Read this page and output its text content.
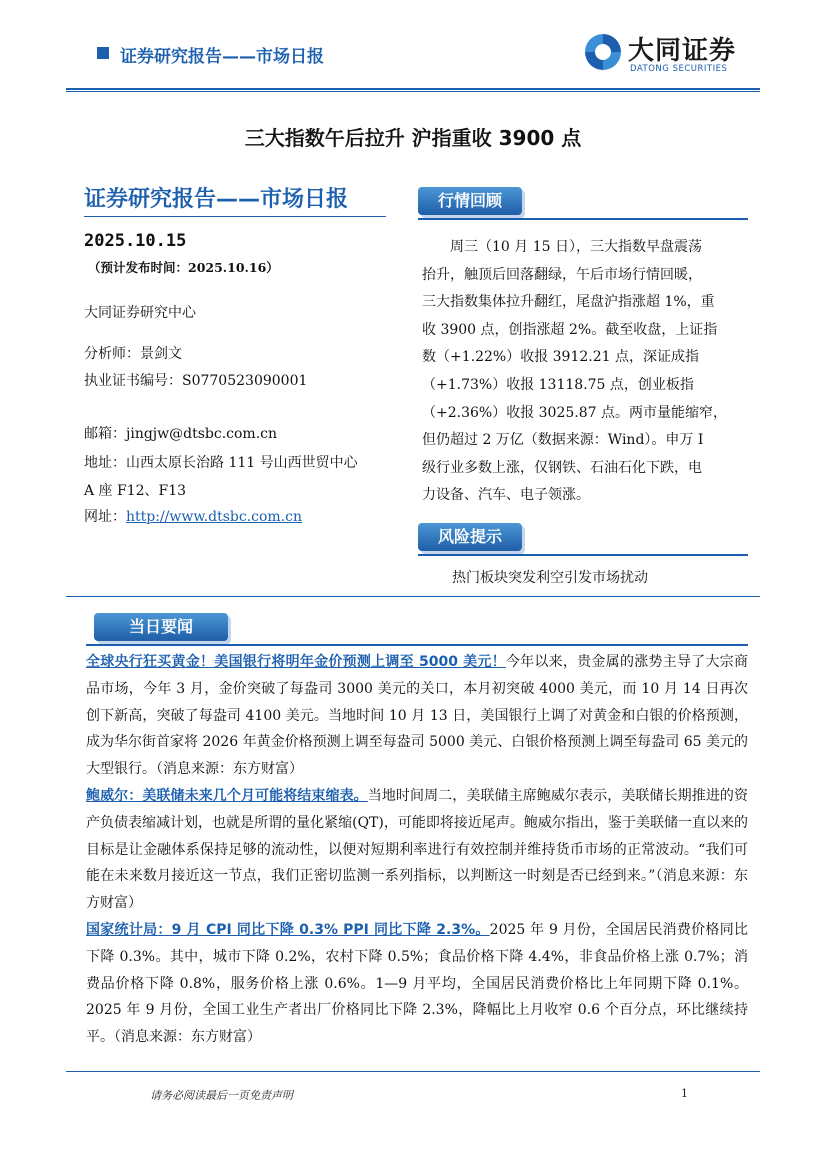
证券研究报告——市场日报	大同证券
DATONG SECURITIES
三大指数午后拉升 沪指重收 3900 点
证券研究报告——市场日报
2025.10.15
（预计发布时间：2025.10.16）
大同证券研究中心
分析师：景剑文
执业证书编号：S0770523090001
邮箱：jingjw@dtsbc.com.cn
地址：山西太原长治路 111 号山西世贸中心
A 座 F12、F13
网址：http://www.dtsbc.com.cn
行情回顾
　　周三（10 月 15 日），三大指数早盘震荡
抬升，触顶后回落翻绿，午后市场行情回暖，
三大指数集体拉升翻红，尾盘沪指涨超 1%，重
收 3900 点，创指涨超 2%。截至收盘，上证指
数（+1.22%）收报 3912.21 点，深证成指
（+1.73%）收报 13118.75 点，创业板指
（+2.36%）收报 3025.87 点。两市量能缩窄，
但仍超过 2 万亿（数据来源：Wind）。申万 I
级行业多数上涨，仅钢铁、石油石化下跌，电
力设备、汽车、电子领涨。
风险提示
热门板块突发利空引发市场扰动
当日要闻
全球央行狂买黄金！美国银行将明年金价预测上调至 5000 美元！今年以来，贵金属的涨势主导了大宗商品市场，今年 3 月，金价突破了每盎司 3000 美元的关口，本月初突破 4000 美元，而 10 月 14 日再次创下新高，突破了每盎司 4100 美元。当地时间 10 月 13 日，美国银行上调了对黄金和白银的价格预测，成为华尔街首家将 2026 年黄金价格预测上调至每盎司 5000 美元、白银价格预测上调至每盎司 65 美元的大型银行。（消息来源：东方财富）
鲍威尔：美联储未来几个月可能将结束缩表。当地时间周二，美联储主席鲍威尔表示，美联储长期推进的资产负债表缩减计划，也就是所谓的量化紧缩(QT)，可能即将接近尾声。鲍威尔指出，鉴于美联储一直以来的目标是让金融体系保持足够的流动性，以便对短期利率进行有效控制并维持货币市场的正常波动。“我们可能在未来数月接近这一节点，我们正密切监测一系列指标，以判断这一时刻是否已经到来。”（消息来源：东方财富）
国家统计局：9 月 CPI 同比下降 0.3% PPI 同比下降 2.3%。2025 年 9 月份，全国居民消费价格同比下降 0.3%。其中，城市下降 0.2%，农村下降 0.5%；食品价格下降 4.4%，非食品价格上涨 0.7%；消费品价格下降 0.8%，服务价格上涨 0.6%。1—9 月平均，全国居民消费价格比上年同期下降 0.1%。2025 年 9 月份，全国工业生产者出厂价格同比下降 2.3%，降幅比上月收窄 0.6 个百分点，环比继续持平。（消息来源：东方财富）
请务必阅读最后一页免责声明	1
